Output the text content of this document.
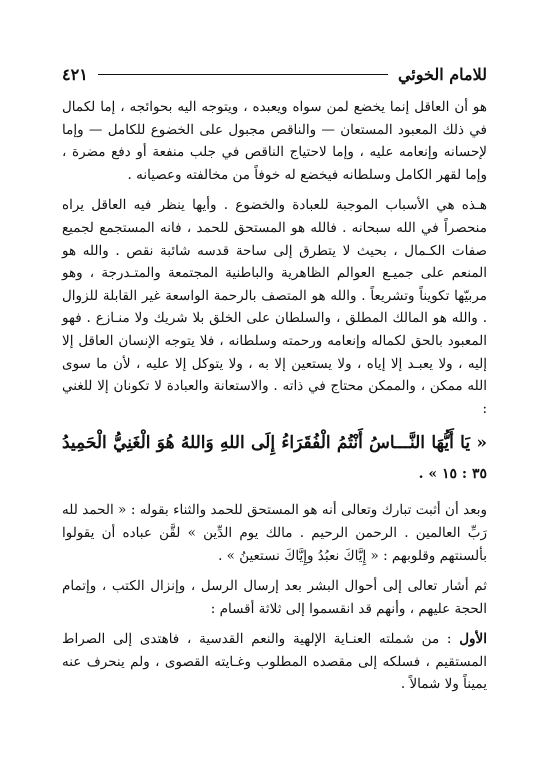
للامام الخوئي
٤٢١

هو أن العاقل إنما يخضع لمن سواه ويعبده ، ويتوجه اليه بحوائجه ، إما لكمال في ذلك المعبود المستعان — والناقص مجبول على الخضوع للكامل — وإما لإحسانه وإنعامه عليه ، وإما لاحتياج الناقص في جلب منفعة أو دفع مضرة ، وإما لقهر الكامل وسلطانه فيخضع له خوفاً من مخالفته وعصيانه .

هـذه هي الأسباب الموجبة للعبادة والخضوع . وأيها ينظر فيه العاقل يراه منحصراً في الله سبحانه . فالله هو المستحق للحمد ، فانه المستجمع لجميع صفات الكـمال ، بحيث لا يتطرق إلى ساحة قدسه شائبة نقص . والله هو المنعم على جميـع العوالم الظاهرية والباطنية المجتمعة والمتـدرجة ، وهو مربيّها تكويناً وتشريعاً . والله هو المتصف بالرحمة الواسعة غير القابلة للزوال . والله هو المالك المطلق ، والسلطان على الخلق بلا شريك ولا منـازع . فهو المعبود بالحق لكماله وإنعامه ورحمته وسلطانه ، فلا يتوجه الإنسان العاقل إلا إليه ، ولا يعبـد إلا إياه ، ولا يستعين إلا به ، ولا يتوكل إلا عليه ، لأن ما سوى الله ممكن ، والممكن محتاج في ذاته . والاستعانة والعبادة لا تكونان إلا للغني :

« يَا أَيُّهَا النَّـــاسُ أَنْتُمُ الْفُقَرَاءُ إِلَى اللهِ وَاللهُ هُوَ الْغَنِيُّ الْحَمِيدُ ٣٥ : ١٥ » .

وبعد أن أثبت تبارك وتعالى أنه هو المستحق للحمد والثناء بقوله : « الحمد لله رَبِّ العالمين . الرحمن الرحيم . مالك يوم الدِّين » لقَّن عباده أن يقولوا بألسنتهم وقلوبهم : « إِيَّاكَ نعبُدُ وإِيَّاكَ نستعينُ » .

ثم أشار تعالى إلى أحوال البشر بعد إرسال الرسل ، وإنزال الكتب ، وإتمام الحجة عليهم ، وأنهم قد انقسموا إلى ثلاثة أقسام :

الأول : من شملته العنـاية الإلهية والنعم القدسية ، فاهتدى إلى الصراط المستقيم ، فسلكه إلى مقصده المطلوب وغـايته القصوى ، ولم ينحرف عنه يميناً ولا شمالاً .
